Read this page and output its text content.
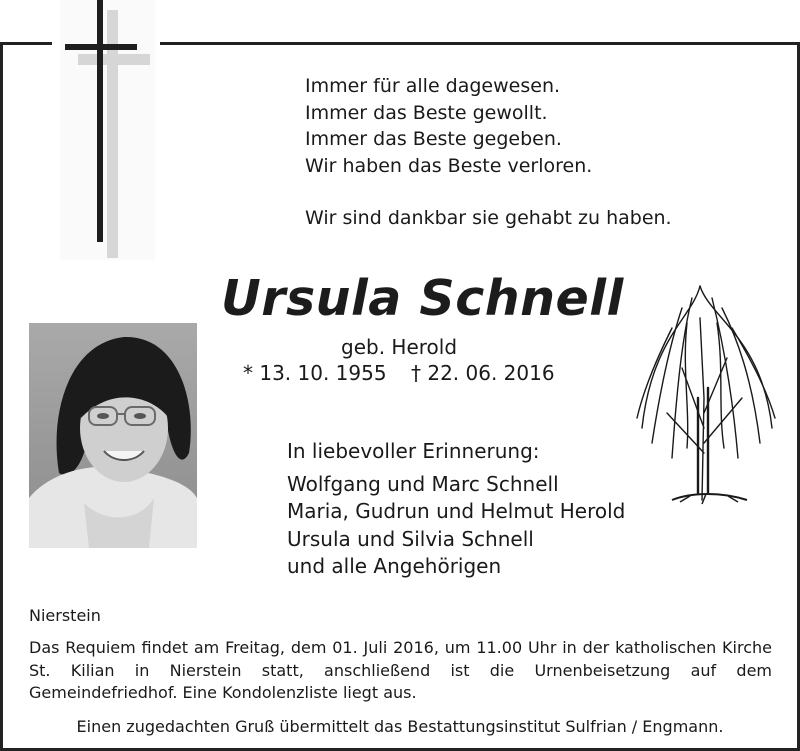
Immer für alle dagewesen.
Immer das Beste gewollt.
Immer das Beste gegeben.
Wir haben das Beste verloren.
Wir sind dankbar sie gehabt zu haben.
Ursula Schnell
geb. Herold
* 13. 10. 1955 † 22. 06. 2016
In liebevoller Erinnerung:
Wolfgang und Marc Schnell
Maria, Gudrun und Helmut Herold
Ursula und Silvia Schnell
und alle Angehörigen
Nierstein
Das Requiem findet am Freitag, dem 01. Juli 2016, um 11.00 Uhr in der katholischen Kirche St. Kilian in Nierstein statt, anschließend ist die Urnenbeisetzung auf dem Gemeindefriedhof. Eine Kondolenzliste liegt aus.
Einen zugedachten Gruß übermittelt das Bestattungsinstitut Sulfrian / Engmann.
